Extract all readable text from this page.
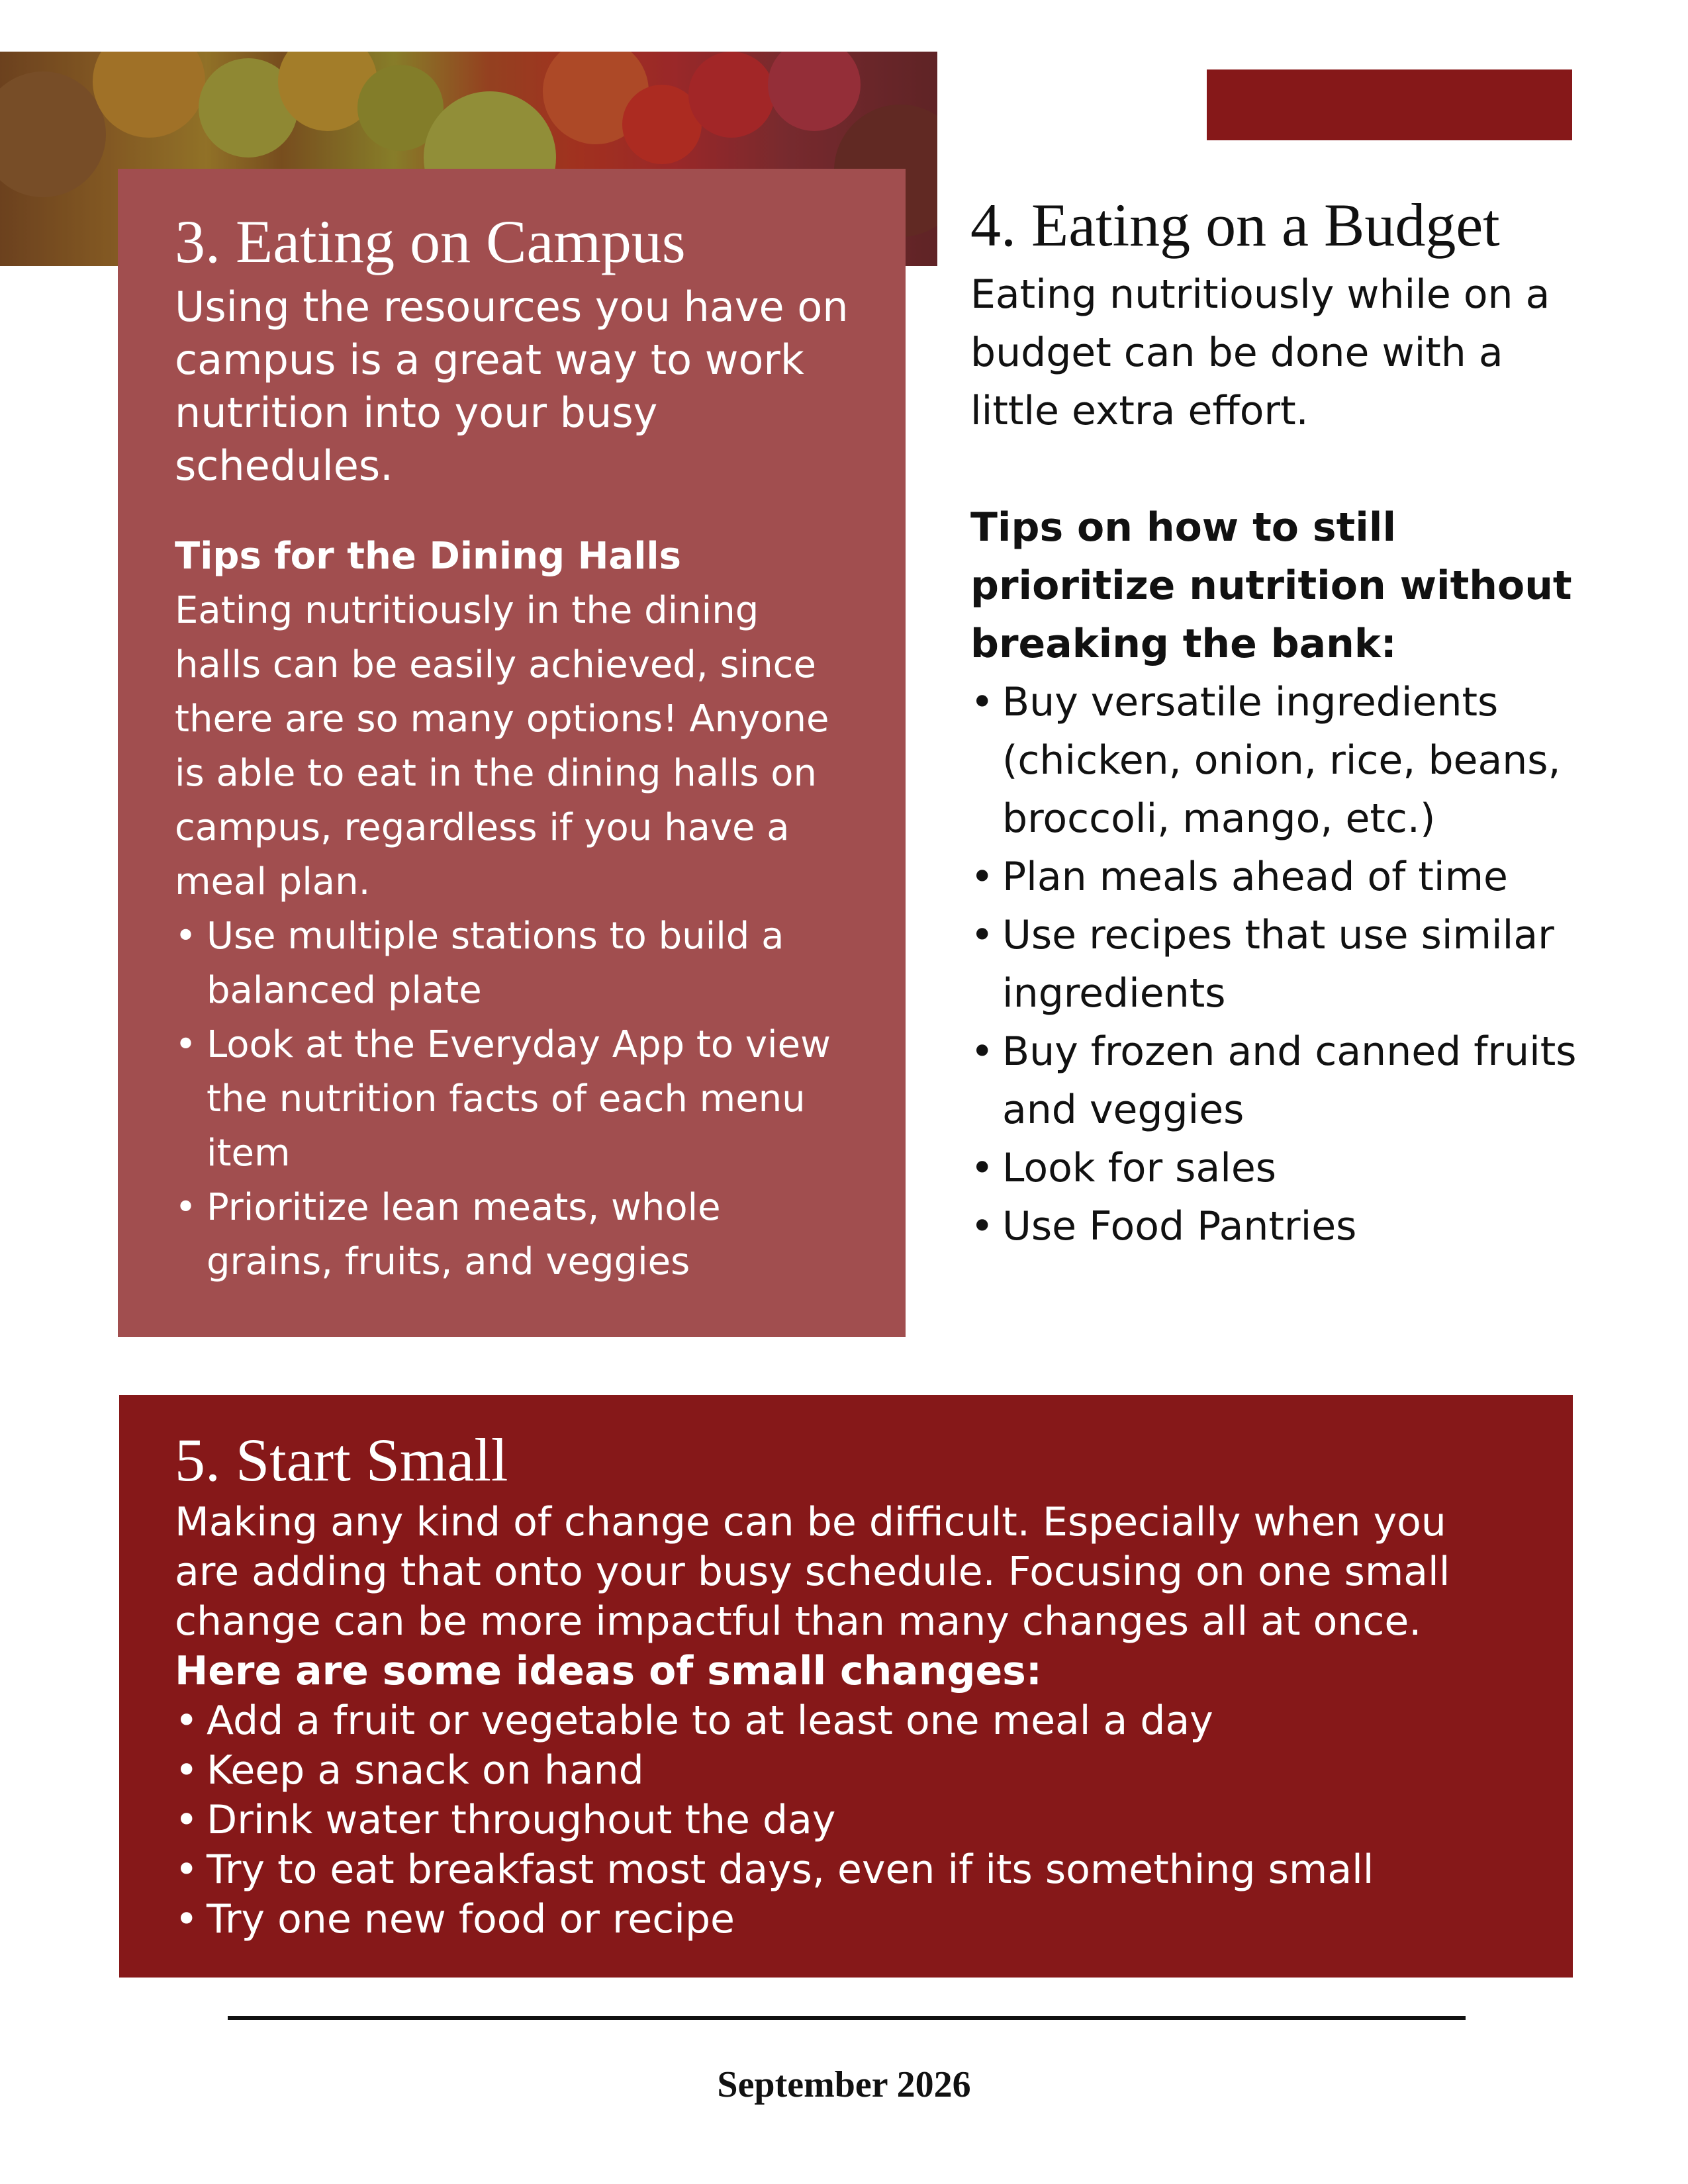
3. Eating on Campus

Using the resources you have on campus is a great way to work nutrition into your busy schedules.

Tips for the Dining Halls

Eating nutritiously in the dining halls can be easily achieved, since there are so many options! Anyone is able to eat in the dining halls on campus, regardless if you have a meal plan.

• Use multiple stations to build a balanced plate
• Look at the Everyday App to view the nutrition facts of each menu item
• Prioritize lean meats, whole grains, fruits, and veggies
4. Eating on a Budget

Eating nutritiously while on a budget can be done with a little extra effort.

Tips on how to still prioritize nutrition without breaking the bank:

• Buy versatile ingredients (chicken, onion, rice, beans, broccoli, mango, etc.)
• Plan meals ahead of time
• Use recipes that use similar ingredients
• Buy frozen and canned fruits and veggies
• Look for sales
• Use Food Pantries
5. Start Small

Making any kind of change can be difficult. Especially when you are adding that onto your busy schedule. Focusing on one small change can be more impactful than many changes all at once.

Here are some ideas of small changes:

• Add a fruit or vegetable to at least one meal a day
• Keep a snack on hand
• Drink water throughout the day
• Try to eat breakfast most days, even if its something small
• Try one new food or recipe
September 2026
